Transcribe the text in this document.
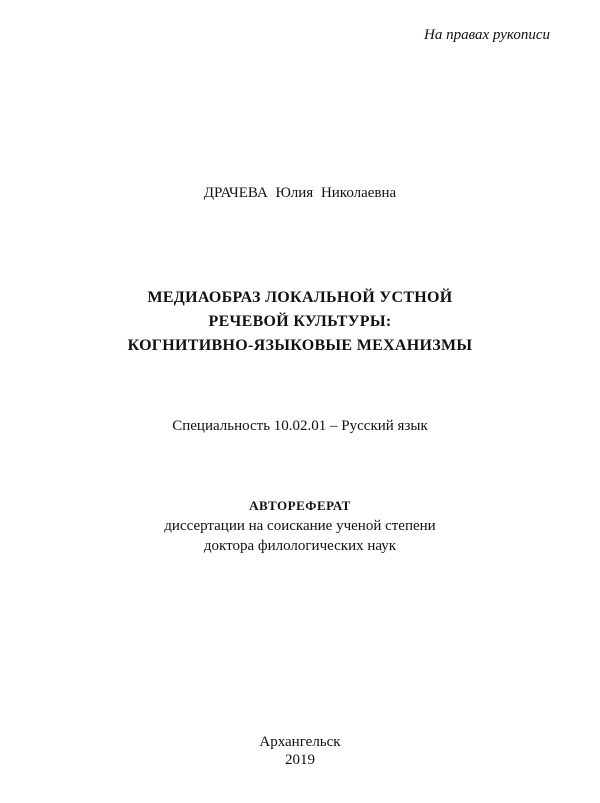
На правах рукописи
ДРАЧЕВА Юлия Николаевна
МЕДИАОБРАЗ ЛОКАЛЬНОЙ УСТНОЙ
РЕЧЕВОЙ КУЛЬТУРЫ:
КОГНИТИВНО-ЯЗЫКОВЫЕ МЕХАНИЗМЫ
Специальность 10.02.01 – Русский язык
АВТОРЕФЕРАТ
диссертации на соискание ученой степени
доктора филологических наук
Архангельск
2019
